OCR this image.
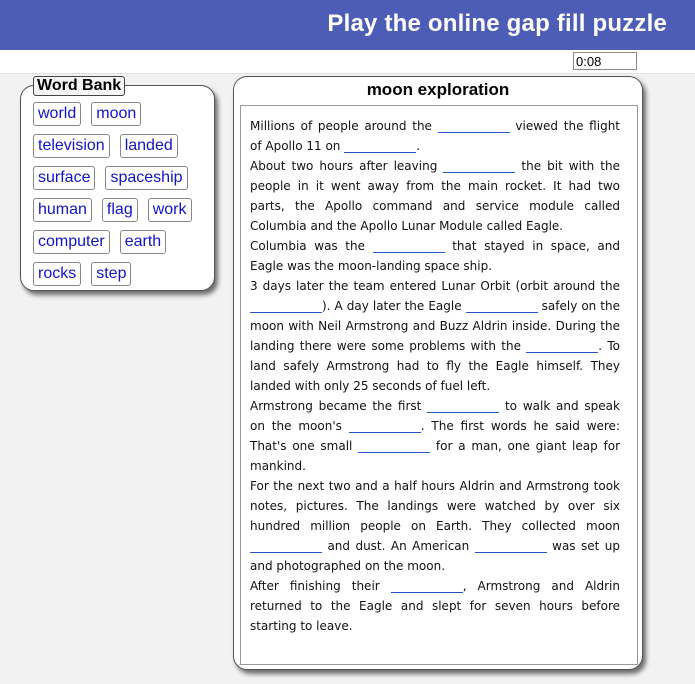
Play the online gap fill puzzle
0:08
Word Bank
world	moon
television	landed
surface	spaceship
human	flag	work
computer	earth
rocks	step
moon exploration

Millions of people around the	viewed the flight of Apollo 11 on	.

About two hours after leaving	the bit with the people in it went away from the main rocket. It had two parts, the Apollo command and service module called Columbia and the Apollo Lunar Module called Eagle.

Columbia was the	that stayed in space, and Eagle was the moon-landing space ship.

3 days later the team entered Lunar Orbit (orbit around the ). A day later the Eagle	safely on the moon with Neil Armstrong and Buzz Aldrin inside. During the landing there were some problems with the	. To land safely Armstrong had to fly the Eagle himself. They landed with only 25 seconds of fuel left.

Armstrong became the first	to walk and speak on the moon's	. The first words he said were: That's one small	for a man, one giant leap for mankind.

For the next two and a half hours Aldrin and Armstrong took notes, pictures. The landings were watched by over six hundred million people on Earth. They collected moon  and dust. An American	was set up and photographed on the moon.

After finishing their	, Armstrong and Aldrin returned to the Eagle and slept for seven hours before starting to leave.
